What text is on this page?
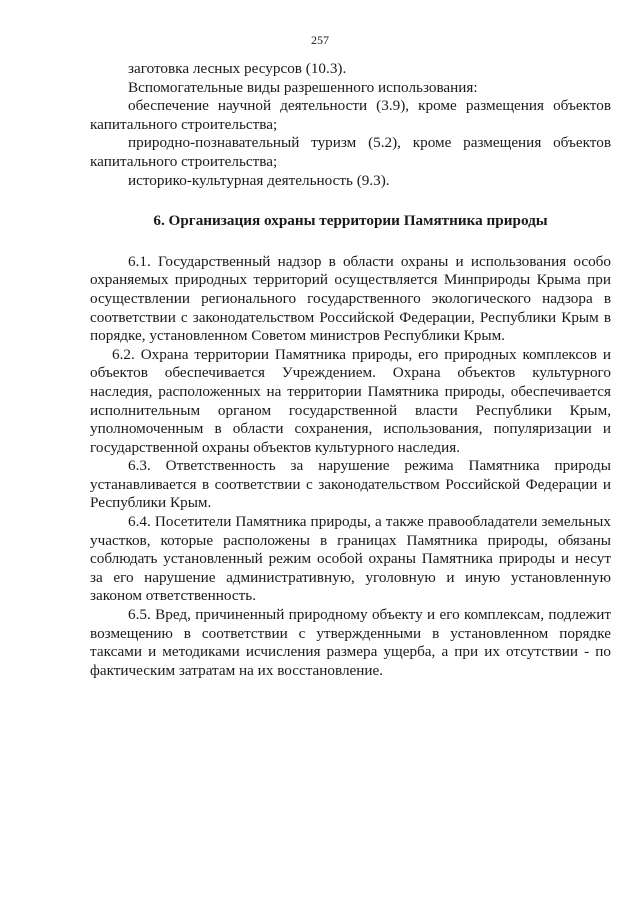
257

заготовка лесных ресурсов (10.3).

Вспомогательные виды разрешенного использования:

обеспечение научной деятельности (3.9), кроме размещения объектов капитального строительства;

природно-познавательный туризм (5.2), кроме размещения объектов капитального строительства;

историко-культурная деятельность (9.3).

6. Организация охраны территории Памятника природы

6.1. Государственный надзор в области охраны и использования особо охраняемых природных территорий осуществляется Минприроды Крыма при осуществлении регионального государственного экологического надзора в соответствии с законодательством Российской Федерации, Республики Крым в порядке, установленном Советом министров Республики Крым.

6.2. Охрана территории Памятника природы, его природных комплексов и объектов обеспечивается Учреждением. Охрана объектов культурного наследия, расположенных на территории Памятника природы, обеспечивается исполнительным органом государственной власти Республики Крым, уполномоченным в области сохранения, использования, популяризации и государственной охраны объектов культурного наследия.

6.3. Ответственность за нарушение режима Памятника природы устанавливается в соответствии с законодательством Российской Федерации и Республики Крым.

6.4. Посетители Памятника природы, а также правообладатели земельных участков, которые расположены в границах Памятника природы, обязаны соблюдать установленный режим особой охраны Памятника природы и несут за его нарушение административную, уголовную и иную установленную законом ответственность.

6.5. Вред, причиненный природному объекту и его комплексам, подлежит возмещению в соответствии с утвержденными в установленном порядке таксами и методиками исчисления размера ущерба, а при их отсутствии - по фактическим затратам на их восстановление.
